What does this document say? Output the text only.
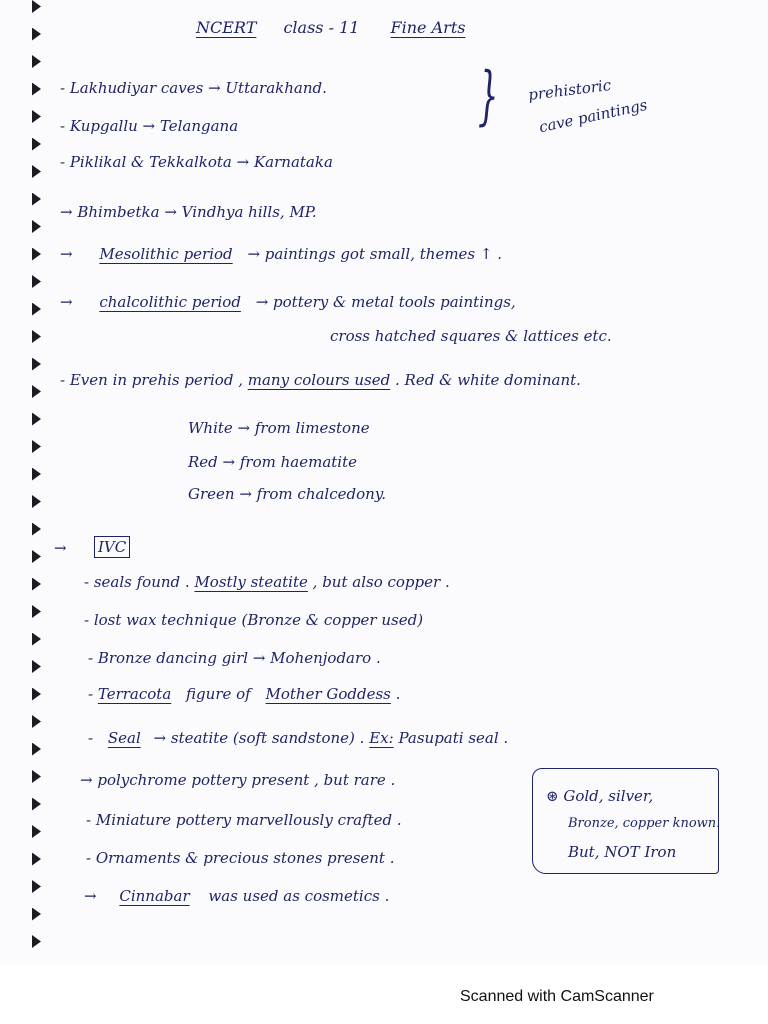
NCERT class - 11 Fine Arts
- Lakhudiyar caves → Uttarakhand.
- Kupgallu → Telangana
- Piklikal & Tekkalkota → Karnataka
} prehistoric
cave paintings
→ Bhimbetka → Vindhya hills, MP.
→ Mesolithic period → paintings got small, themes ↑ .
→ chalcolithic period → pottery & metal tools paintings,
cross hatched squares & lattices etc.
- Even in prehis period , many colours used . Red & white dominant.
White → from limestone
Red → from haematite
Green → from chalcedony.
→ IVC
- seals found . Mostly steatite , but also copper .
- lost wax technique (Bronze & copper used)
- Bronze dancing girl → Mohenjodaro .
- Terracota figure of Mother Goddess .
- Seal → steatite (soft sandstone) . Ex: Pasupati seal .
→ polychrome pottery present , but rare .
- Miniature pottery marvellously crafted .
- Ornaments & precious stones present .
→ Cinnabar was used as cosmetics .
⊛ Gold, silver,
Bronze, copper known.
But, NOT Iron
Scanned with CamScanner
